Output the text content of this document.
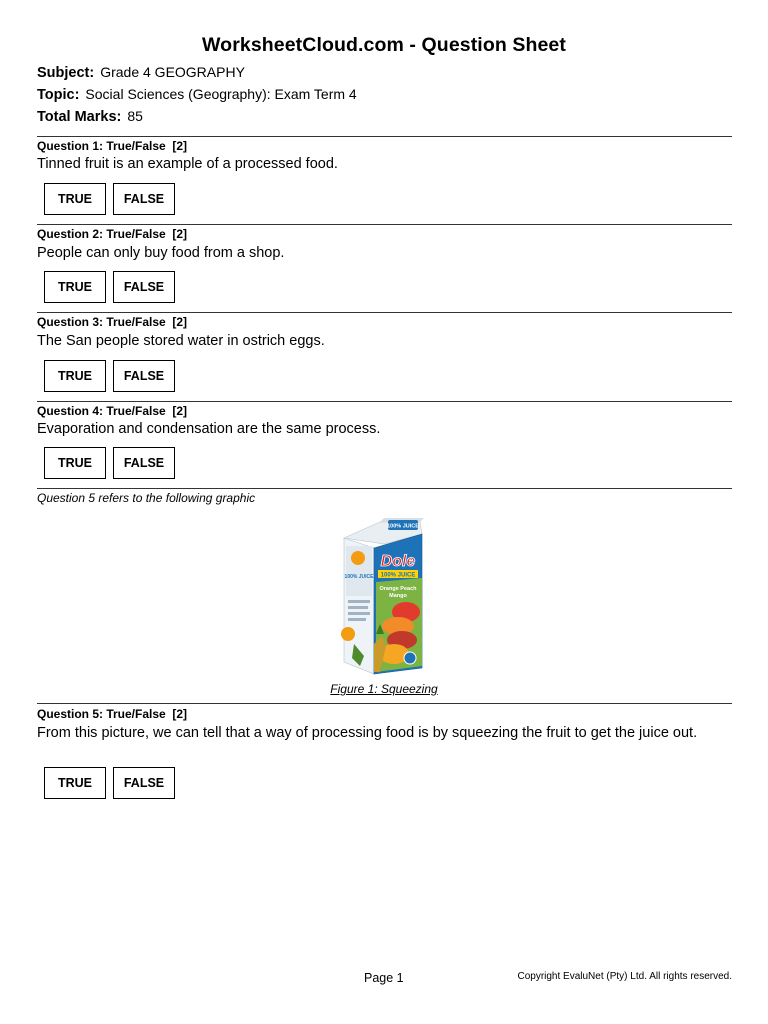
WorksheetCloud.com - Question Sheet
Subject: Grade 4 GEOGRAPHY
Topic: Social Sciences (Geography): Exam Term 4
Total Marks: 85
Question 1: True/False  [2]
Tinned fruit is an example of a processed food.
TRUE	FALSE
Question 2: True/False  [2]
People can only buy food from a shop.
TRUE	FALSE
Question 3: True/False  [2]
The San people stored water in ostrich eggs.
TRUE	FALSE
Question 4: True/False  [2]
Evaporation and condensation are the same process.
TRUE	FALSE
Question 5 refers to the following graphic
100% JUICE
100% JUICE
Dole
100% JUICE
Orange Peach
Mango
Figure 1: Squeezing
Question 5: True/False  [2]
From this picture, we can tell that a way of processing food is by squeezing the fruit to get the juice out.
TRUE	FALSE
Page 1	Copyright EvaluNet (Pty) Ltd. All rights reserved.
